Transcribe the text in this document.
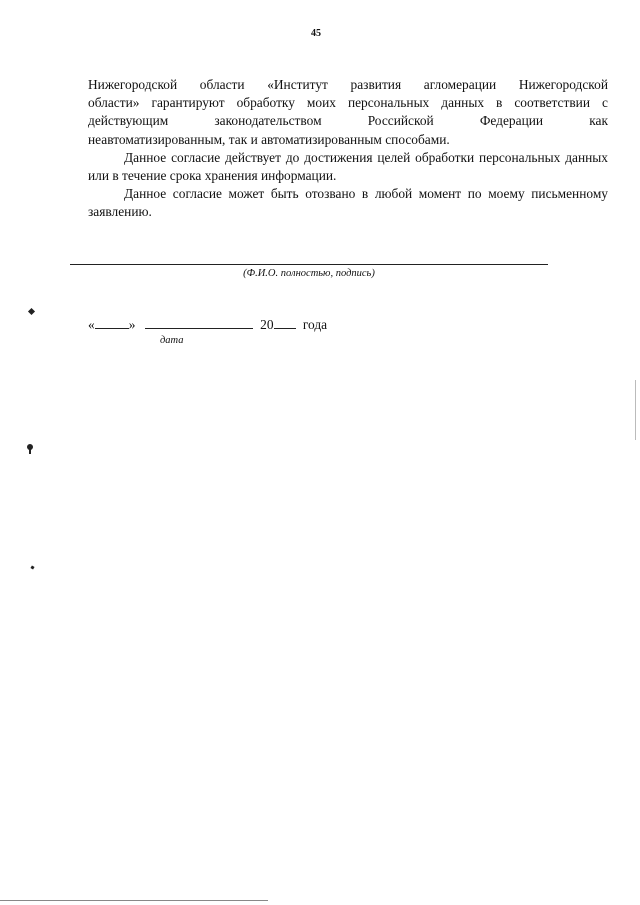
45
Нижегородской области «Институт развития агломерации Нижегородской
области» гарантируют обработку моих персональных данных в соответствии с
действующим	законодательством	Российской	Федерации	как
неавтоматизированным, так и автоматизированным способами.

Данное согласие действует до достижения целей обработки персональных данных или в течение срока хранения информации.

Данное согласие может быть отозвано в любой момент по моему письменному заявлению.

(Ф.И.О. полностью, подпись)
«	»	20 года
дата
